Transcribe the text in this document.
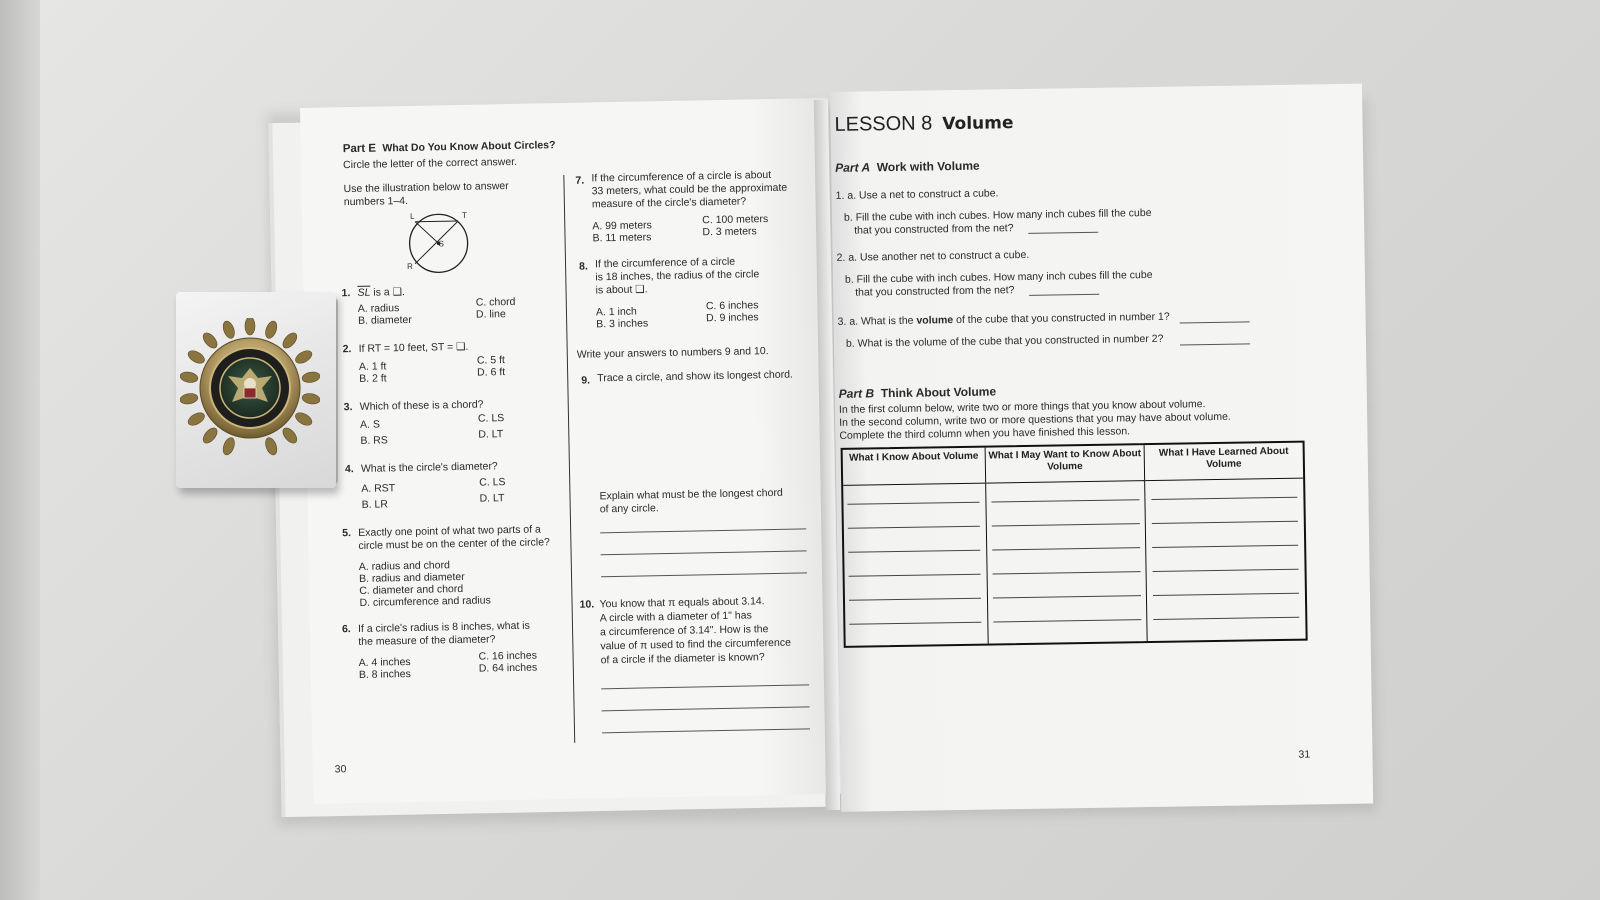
Part E What Do You Know About Circles?
Circle the letter of the correct answer.
Use the illustration below to answer
numbers 1–4.
L	T
S
R
1. $\overline{SL}$ is a ❑.
A. radius
B. diameter
C. chord
D. line
2. If RT = 10 feet, ST = ❑.
A. 1 ft
B. 2 ft
C. 5 ft
D. 6 ft
3. Which of these is a chord?
A. S
B. RS
C. LS
D. LT
4. What is the circle's diameter?
A. RST
B. LR
C. LS
D. LT
5. Exactly one point of what two parts of a
circle must be on the center of the circle?
A. radius and chord
B. radius and diameter
C. diameter and chord
D. circumference and radius
6. If a circle's radius is 8 inches, what is
the measure of the diameter?
A. 4 inches
B. 8 inches
C. 16 inches
D. 64 inches
7. If the circumference of a circle is about
33 meters, what could be the approximate
measure of the circle's diameter?
A. 99 meters
B. 11 meters
C. 100 meters
D. 3 meters
8. If the circumference of a circle
is 18 inches, the radius of the circle
is about ❑.
A. 1 inch
B. 3 inches
C. 6 inches
D. 9 inches
Write your answers to numbers 9 and 10.
9. Trace a circle, and show its longest chord.
Explain what must be the longest chord
of any circle.
10. You know that π equals about 3.14.
A circle with a diameter of 1" has
a circumference of 3.14". How is the
value of π used to find the circumference
of a circle if the diameter is known?
30
LESSON 8 Volume
Part A Work with Volume
1. a. Use a net to construct a cube.
b. Fill the cube with inch cubes. How many inch cubes fill the cube
that you constructed from the net?
2. a. Use another net to construct a cube.
b. Fill the cube with inch cubes. How many inch cubes fill the cube
that you constructed from the net?
3. a. What is the volume of the cube that you constructed in number 1?
b. What is the volume of the cube that you constructed in number 2?
Part B Think About Volume
In the first column below, write two or more things that you know about volume.
In the second column, write two or more questions that you may have about volume.
Complete the third column when you have finished this lesson.
What I Know About Volume What I May Want to Know About Volume
What I Have Learned About Volume
31
